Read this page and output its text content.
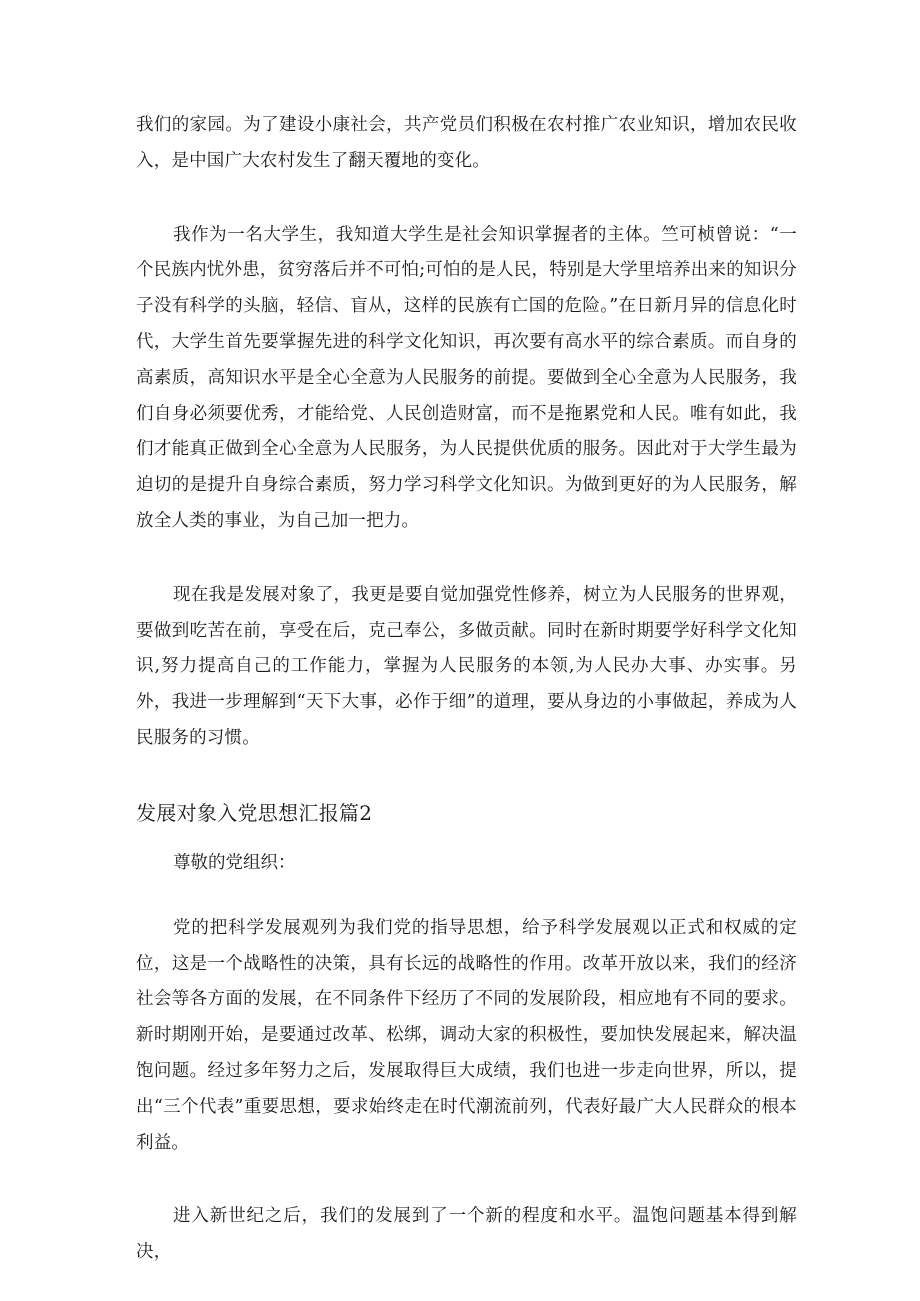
我们的家园。为了建设小康社会，共产党员们积极在农村推广农业知识，增加农民收入，是中国广大农村发生了翻天覆地的变化。

我作为一名大学生，我知道大学生是社会知识掌握者的主体。竺可桢曾说：“一个民族内忧外患，贫穷落后并不可怕;可怕的是人民，特别是大学里培养出来的知识分子没有科学的头脑，轻信、盲从，这样的民族有亡国的危险。”在日新月异的信息化时代，大学生首先要掌握先进的科学文化知识，再次要有高水平的综合素质。而自身的高素质，高知识水平是全心全意为人民服务的前提。要做到全心全意为人民服务，我们自身必须要优秀，才能给党、人民创造财富，而不是拖累党和人民。唯有如此，我们才能真正做到全心全意为人民服务，为人民提供优质的服务。因此对于大学生最为迫切的是提升自身综合素质，努力学习科学文化知识。为做到更好的为人民服务，解放全人类的事业，为自己加一把力。

现在我是发展对象了，我更是要自觉加强党性修养，树立为人民服务的世界观，要做到吃苦在前，享受在后，克己奉公，多做贡献。同时在新时期要学好科学文化知识,努力提高自己的工作能力，掌握为人民服务的本领,为人民办大事、办实事。另外，我进一步理解到“天下大事，必作于细”的道理，要从身边的小事做起，养成为人民服务的习惯。

发展对象入党思想汇报篇2

尊敬的党组织：

党的把科学发展观列为我们党的指导思想，给予科学发展观以正式和权威的定位，这是一个战略性的决策，具有长远的战略性的作用。改革开放以来，我们的经济社会等各方面的发展，在不同条件下经历了不同的发展阶段，相应地有不同的要求。新时期刚开始，是要通过改革、松绑，调动大家的积极性，要加快发展起来，解决温饱问题。经过多年努力之后，发展取得巨大成绩，我们也进一步走向世界，所以，提出“三个代表”重要思想，要求始终走在时代潮流前列，代表好最广大人民群众的根本利益。

进入新世纪之后，我们的发展到了一个新的程度和水平。温饱问题基本得到解决，
